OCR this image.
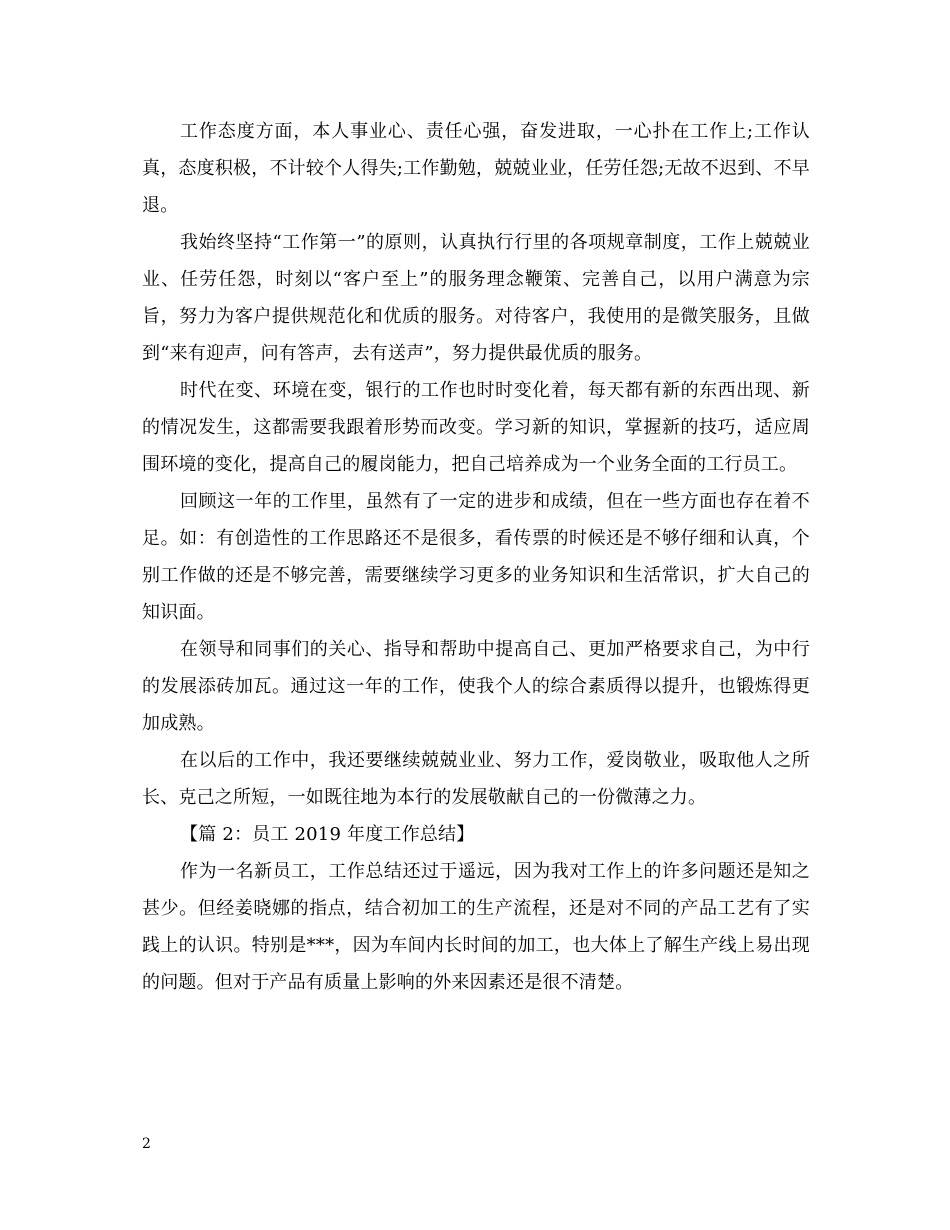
工作态度方面，本人事业心、责任心强，奋发进取，一心扑在工作上;工作认真，态度积极，不计较个人得失;工作勤勉，兢兢业业，任劳任怨;无故不迟到、不早退。

我始终坚持“工作第一”的原则，认真执行行里的各项规章制度，工作上兢兢业业、任劳任怨，时刻以“客户至上”的服务理念鞭策、完善自己，以用户满意为宗旨，努力为客户提供规范化和优质的服务。对待客户，我使用的是微笑服务，且做到“来有迎声，问有答声，去有送声”，努力提供最优质的服务。

时代在变、环境在变，银行的工作也时时变化着，每天都有新的东西出现、新的情况发生，这都需要我跟着形势而改变。学习新的知识，掌握新的技巧，适应周围环境的变化，提高自己的履岗能力，把自己培养成为一个业务全面的工行员工。

回顾这一年的工作里，虽然有了一定的进步和成绩，但在一些方面也存在着不足。如：有创造性的工作思路还不是很多，看传票的时候还是不够仔细和认真，个别工作做的还是不够完善，需要继续学习更多的业务知识和生活常识，扩大自己的知识面。

在领导和同事们的关心、指导和帮助中提高自己、更加严格要求自己，为中行的发展添砖加瓦。通过这一年的工作，使我个人的综合素质得以提升，也锻炼得更加成熟。

在以后的工作中，我还要继续兢兢业业、努力工作，爱岗敬业，吸取他人之所长、克己之所短，一如既往地为本行的发展敬献自己的一份微薄之力。

【篇 2：员工 2019 年度工作总结】

作为一名新员工，工作总结还过于遥远，因为我对工作上的许多问题还是知之甚少。但经姜晓娜的指点，结合初加工的生产流程，还是对不同的产品工艺有了实践上的认识。特别是***，因为车间内长时间的加工，也大体上了解生产线上易出现的问题。但对于产品有质量上影响的外来因素还是很不清楚。

2
